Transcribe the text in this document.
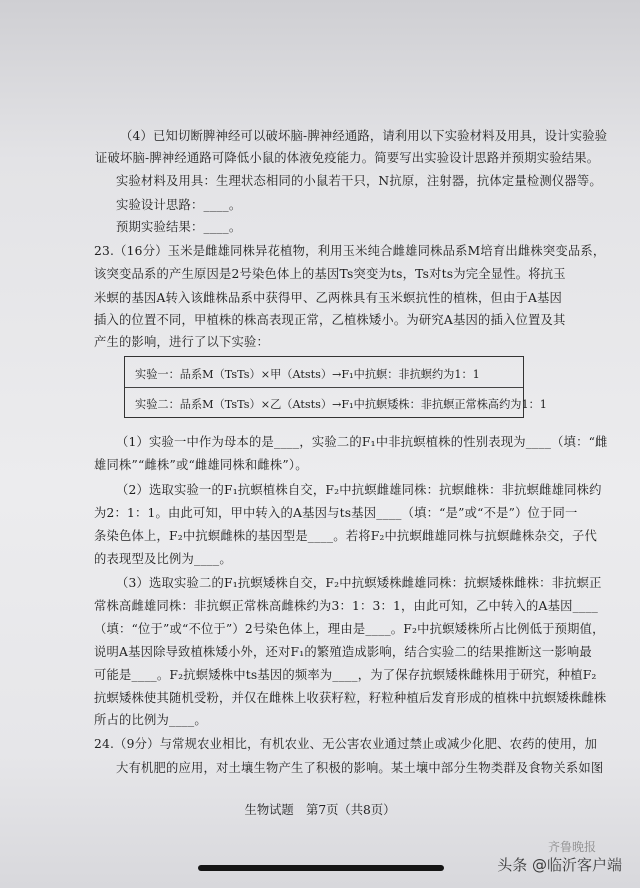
（4）已知切断脾神经可以破坏脑-脾神经通路，请利用以下实验材料及用具，设计实验验
证破坏脑-脾神经通路可降低小鼠的体液免疫能力。简要写出实验设计思路并预期实验结果。
实验材料及用具：生理状态相同的小鼠若干只，N抗原，注射器，抗体定量检测仪器等。
实验设计思路：____。
预期实验结果：____。
23.（16分）玉米是雌雄同株异花植物，利用玉米纯合雌雄同株品系M培育出雌株突变品系，
该突变品系的产生原因是2号染色体上的基因Ts突变为ts，Ts对ts为完全显性。将抗玉
米螟的基因A转入该雌株品系中获得甲、乙两株具有玉米螟抗性的植株，但由于A基因
插入的位置不同，甲植株的株高表现正常，乙植株矮小。为研究A基因的插入位置及其
产生的影响，进行了以下实验：
实验一：品系M（TsTs）×甲（Atsts）→F₁中抗螟：非抗螟约为1：1
实验二：品系M（TsTs）×乙（Atsts）→F₁中抗螟矮株：非抗螟正常株高约为1：1
（1）实验一中作为母本的是____，实验二的F₁中非抗螟植株的性别表现为____（填：“雌
雄同株”“雌株”或“雌雄同株和雌株”）。
（2）选取实验一的F₁抗螟植株自交，F₂中抗螟雌雄同株：抗螟雌株：非抗螟雌雄同株约
为2：1：1。由此可知，甲中转入的A基因与ts基因____（填：“是”或“不是”）位于同一
条染色体上，F₂中抗螟雌株的基因型是____。若将F₂中抗螟雌雄同株与抗螟雌株杂交，子代
的表现型及比例为____。
（3）选取实验二的F₁抗螟矮株自交，F₂中抗螟矮株雌雄同株：抗螟矮株雌株：非抗螟正
常株高雌雄同株：非抗螟正常株高雌株约为3：1：3：1，由此可知，乙中转入的A基因____
（填：“位于”或“不位于”）2号染色体上，理由是____。F₂中抗螟矮株所占比例低于预期值，
说明A基因除导致植株矮小外，还对F₁的繁殖造成影响，结合实验二的结果推断这一影响最
可能是____。F₂抗螟矮株中ts基因的频率为____，为了保存抗螟矮株雌株用于研究，种植F₂
抗螟矮株使其随机受粉，并仅在雌株上收获籽粒，籽粒种植后发育形成的植株中抗螟矮株雌株
所占的比例为____。
24.（9分）与常规农业相比，有机农业、无公害农业通过禁止或减少化肥、农药的使用，加
大有机肥的应用，对土壤生物产生了积极的影响。某土壤中部分生物类群及食物关系如图
生物试题　第7页（共8页）
齐鲁晚报
头条 @临沂客户端
